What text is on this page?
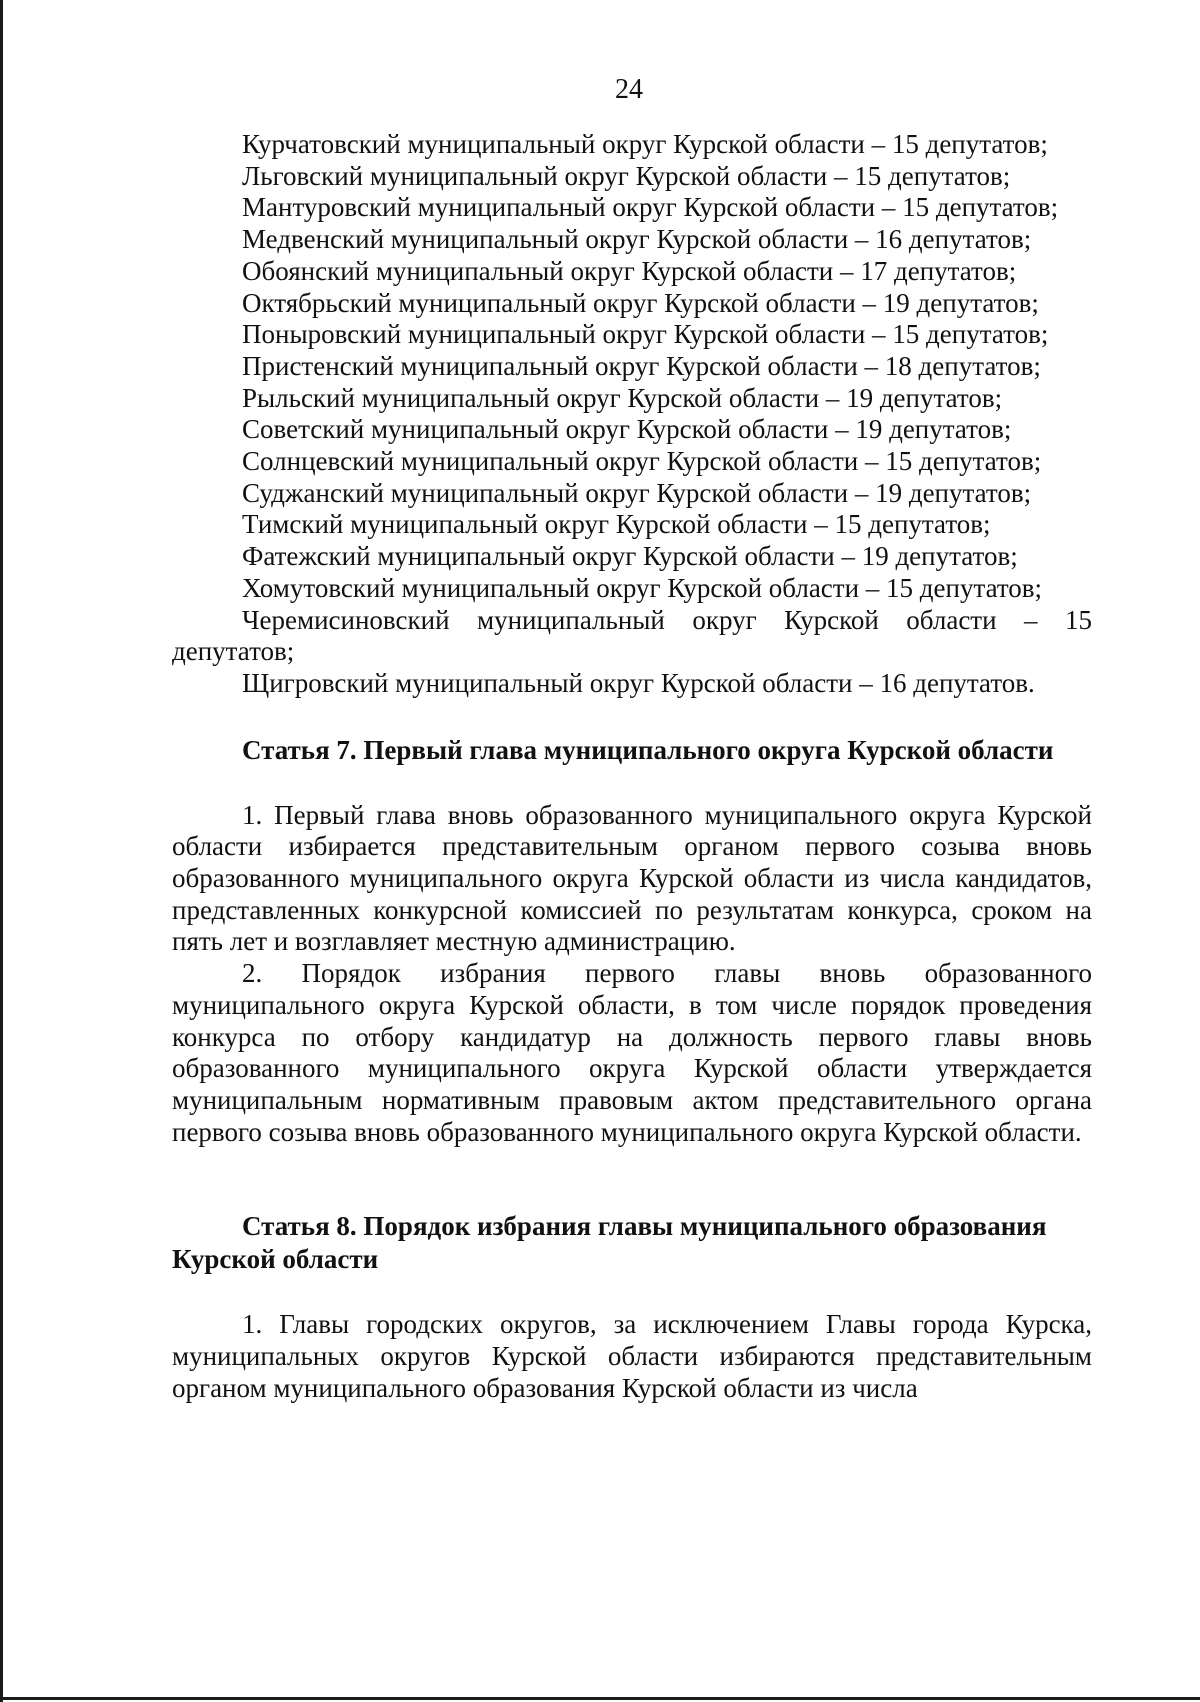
24

Курчатовский муниципальный округ Курской области – 15 депутатов;

Льговский муниципальный округ Курской области – 15 депутатов;

Мантуровский муниципальный округ Курской области – 15 депутатов;

Медвенский муниципальный округ Курской области – 16 депутатов;

Обоянский муниципальный округ Курской области – 17 депутатов;

Октябрьский муниципальный округ Курской области – 19 депутатов;

Поныровский муниципальный округ Курской области – 15 депутатов;

Пристенский муниципальный округ Курской области – 18 депутатов;

Рыльский муниципальный округ Курской области – 19 депутатов;

Советский муниципальный округ Курской области – 19 депутатов;

Солнцевский муниципальный округ Курской области – 15 депутатов;

Суджанский муниципальный округ Курской области – 19 депутатов;

Тимский муниципальный округ Курской области – 15 депутатов;

Фатежский муниципальный округ Курской области – 19 депутатов;

Хомутовский муниципальный округ Курской области – 15 депутатов;

Черемисиновский муниципальный округ Курской области – 15 депутатов;

Щигровский муниципальный округ Курской области – 16 депутатов.

Статья 7. Первый глава муниципального округа Курской области

1. Первый глава вновь образованного муниципального округа Курской области избирается представительным органом первого созыва вновь образованного муниципального округа Курской области из числа кандидатов, представленных конкурсной комиссией по результатам конкурса, сроком на пять лет и возглавляет местную администрацию.

2. Порядок избрания первого главы вновь образованного муниципального округа Курской области, в том числе порядок проведения конкурса по отбору кандидатур на должность первого главы вновь образованного муниципального округа Курской области утверждается муниципальным нормативным правовым актом представительного органа первого созыва вновь образованного муниципального округа Курской области.

Статья 8. Порядок избрания главы муниципального образования Курской области

1. Главы городских округов, за исключением Главы города Курска, муниципальных округов Курской области избираются представительным органом муниципального образования Курской области из числа
